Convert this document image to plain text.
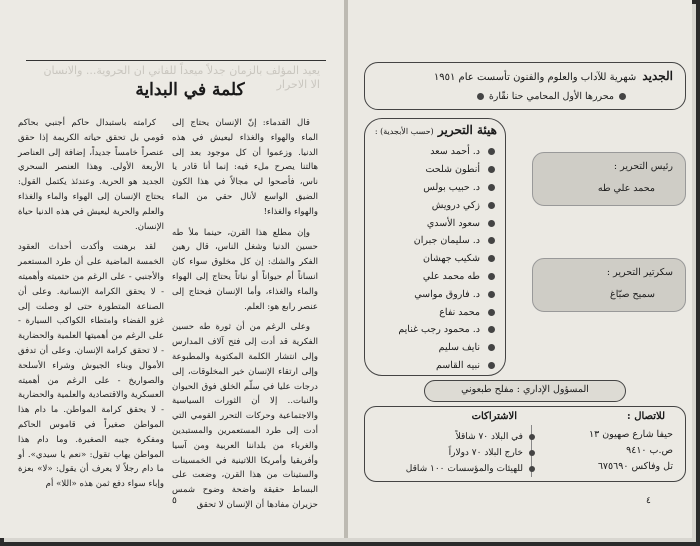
يعيد المؤلف بالزمان جدلاً ميعداً للفاني ان الحروية... والانسان الا الاحرار
كلمة في البداية

قال القدماء: إنّ الإنسان يحتاج إلى الماء والهواء والغذاء ليعيش في هذه الدنيا. وزعموا أن كل موجود بعد إلى هالتنا يصرح ملء فيه: إنما أنا قادر يا ناس، فأصحوا لي مجالاً في هذا الكون الضيق الواسع لأنال حقي من الماء والهواء والغذاء!

وإن مطلع هذا القرن، حينما ملأ طه حسين الدنيا وشغل الناس، قال رهين الفكر والشك: إن كل مخلوق سواء كان انساناً أم حيواناً أو نباتاً يحتاج إلى الهواء والماء والغذاء، وأما الإنسان فيحتاج إلى عنصر رابع هو: العلم.

وعلى الرغم من أن ثورة طه حسين الفكرية قد أدت إلى فتح آلاف المدارس وإلى انتشار الكلمة المكتوبة والمطبوعة وإلى ارتقاء الإنسان خير المخلوقات، إلى درجات عليا في سلّم الخلق فوق الحيوان والنبات.. إلا أن الثورات السياسية والاجتماعية وحركات التحرر القومي التي أدت إلى طرد المستعمرين والمستبدين والغرباء من بلداننا العربية ومن آسيا وأفريقيا وأمريكا اللاتينية في الخمسينات والستينات من هذا القرن، وضعت على البساط حقيقة واضحة وضوح شمس حزيران مفادها أن الإنسان لا تحقق

كرامته باستبدال حاكم أجنبي بحاكم قومي بل تحقق حياته الكريمة إذا حقق عنصراً خامساً جديداً، إضافة إلى العناصر الأربعة الأولى. وهذا العنصر السحري الجديد هو الحرية. وعندئذ يكتمل القول: يحتاج الإنسان إلى الهواء والماء والغذاء والعلم والحرية ليعيش في هذه الدنيا حياة الإنسان.

لقد برهنت وأكدت أحداث العقود الخمسة الماضية على أن طرد المستعمر والأجنبي - على الرغم من حتميته وأهميته - لا يحقق الكرامة الإنسانية. وعلى أن الصناعة المتطورة حتى لو وصلت إلى غزو الفضاء وامتطاء الكواكب السيارة - على الرغم من أهميتها العلمية والحضارية - لا تحقق كرامة الإنسان. وعلى أن تدفق الأموال وبناء الجيوش وشراء الأسلحة والصواريخ - على الرغم من أهميته العسكرية والاقتصادية والعلمية والحضارية - لا يحقق كرامة المواطن. ما دام هذا المواطن صغيراً في قاموس الحاكم ومفكرة جيبه الصغيرة. وما دام هذا المواطن يهاب تقول: «نعم يا سيدي». أو ما دام رجلاً لا يعرف أن يقول: «لا» بعزة وإباء سواء دفع ثمن هذه «اللا» أم

٥
الجديدشهرية للآداب والعلوم والفنون تأسست عام ١٩٥١
محررها الأول المحامي حنا نقّارة
هيئة التحرير (حسب الأبجدية) :
د. أحمد سعد
أنطون شلحت
د. حبيب بولس
زكي درويش
سعود الأسدي
د. سليمان جبران
شكيب جهشان
طه محمد علي
د. فاروق مواسي
محمد نفاع
د. محمود رجب غنايم
نايف سليم
نبيه القاسم
رئيس التحرير :
محمد علي طه
سكرتير التحرير :
سميح صبّاغ
المسؤول الإداري : مفلح طبعوني
للاتصال :
الاشتراكات
حيفا شارع صهيون ١٣
ص.ب ٩٤١٠
تل وفاكس ٦٧٥٦٩٠
في البلاد ٧٠ شاقلاً
خارج البلاد ٧٠ دولاراً
للهيئات والمؤسسات ١٠٠ شاقل
٤
